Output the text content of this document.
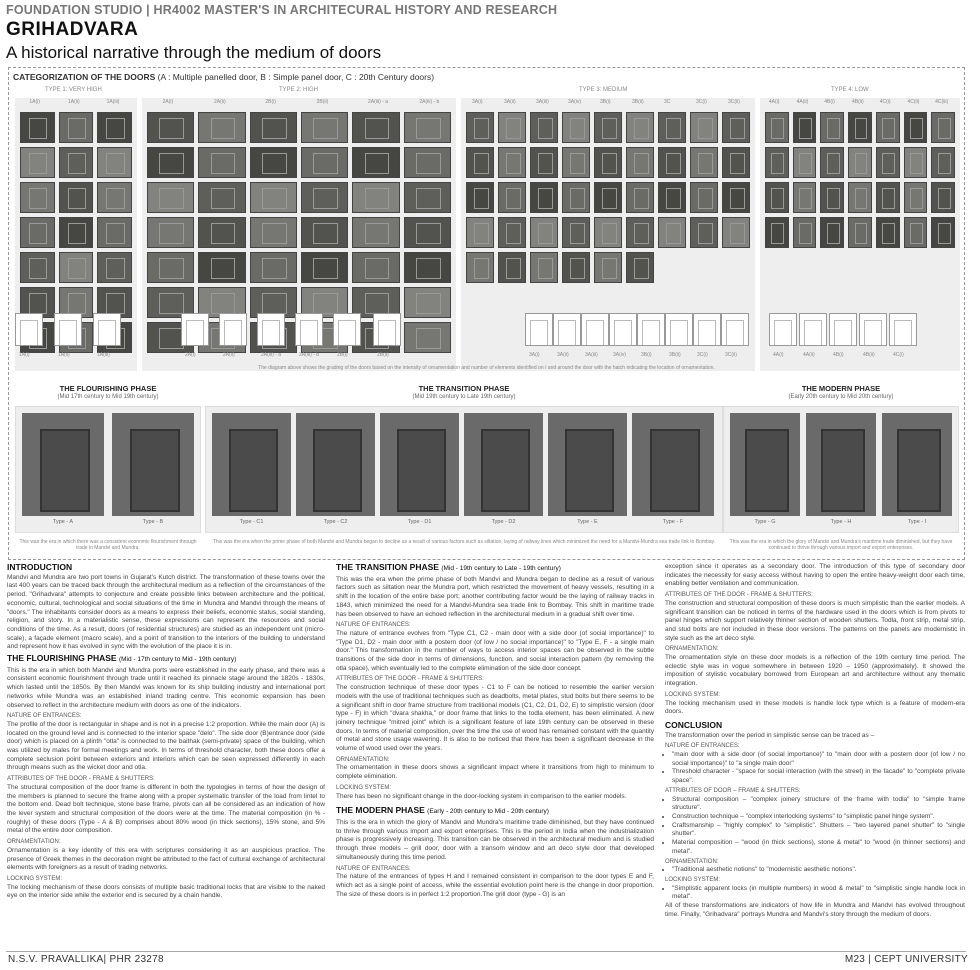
FOUNDATION STUDIO | HR4002 MASTER'S IN ARCHITECURAL HISTORY AND RESEARCH
GRIHADVARA
A historical narrative through the medium of doors
CATEGORIZATION OF THE DOORS (A : Multiple panelled door, B : Simple panel door, C : 20th Century doors)
TYPE 1: VERY HIGH	TYPE 2: HIGH	TYPE 3: MEDIUM	TYPE 4: LOW
1A(i)	1A(ii)	1A(iii)	2A(i)	2A(ii)	2B(i)	2B(ii)	2A(iii) - a	2A(iii) - b	3A(i)	3A(ii)	3A(iii)	3A(iv)	3B(i)	3B(ii)	3C	3C(i)	3C(ii)	4A(i)	4A(ii)	4B(i)	4B(ii)	4C(i)	4C(ii)	4C(iii)
1A(i)	1A(ii)	1A(iii)	2A(i)	2A(ii)	2A(iii) - a	2A(iii) - b	2B(i)	2B(ii)	3A(i)	3A(ii)	3A(iii)	3A(iv)	3B(i)	3B(ii)	3C(i)	3C(ii)	4A(i)	4A(ii)	4B(i)	4B(ii)	4C(i)
The diagram above shows the grading of the doors based on the intensity of ornamentation and number of elements identified on / and around the door with the hatch indicating the location of ornamentation.
THE FLOURISHING PHASE
(Mid 17th century to Mid 19th century)
THE TRANSITION PHASE
(Mid 19th century to Late 19th century)
THE MODERN PHASE
(Early 20th century to Mid 20th century)
Type - A	Type - B	Type - C1	Type - C2	Type - D1	Type - D2	Type - E	Type - F	Type - G	Type - H	Type - I
This was the era in which there was a consistent economic flourishment through trade in Mandvi and Mundra.
This was the era when the prime phase of both Mandvi and Mundra began to decline as a result of various factors such as siltation, laying of railway lines which minimized the need for a Mandvi-Mundra sea trade link to Bombay.	This was the era in which the glory of Mandvi and Mundra's maritime trade diminished, but they have continued to thrive through various import and export enterprises.
INTRODUCTION

Mandvi and Mundra are two port towns in Gujarat's Kutch district. The transformation of these towns over the last 400 years can be traced back through the architectural medium as a reflection of the circumstances of the period. "Grihadvara" attempts to conjecture and create possible links between architecture and the political, economic, cultural, technological and social situations of the time in Mundra and Mandvi through the means of "doors." The inhabitants consider doors as a means to express their beliefs, economic status, social standing, religion, and story. In a materialistic sense, these expressions can represent the resources and social conditions of the time. As a result, doors (of residential structures) are studied as an independent unit (micro-scale), a façade element (macro scale), and a point of transition to the interiors of the building to understand and represent how it has evolved in sync with the evolution of the place it is in.

THE FLOURISHING PHASE (Mid - 17th century to Mid - 19th century)

This is the era in which both Mandvi and Mundra ports were established in the early phase, and there was a consistent economic flourishment through trade until it reached its pinnacle stage around the 1820s - 1830s, which lasted until the 1850s. By then Mandvi was known for its ship building industry and international port networks while Mundra was an established inland trading centre. This economic expansion has been observed to reflect in the architecture medium with doors as one of the indicators.

NATURE OF ENTRANCES:

The profile of the door is rectangular in shape and is not in a precise 1:2 proportion. While the main door (A) is located on the ground level and is connected to the interior space "delo". The side door (B)entrance door (side door) which is placed on a plinth "otla" is connected to the baithak (semi-private) space of the building, which was utilized by males for formal meetings and work. In terms of threshold character, both these doors offer a complete seclusion point between exteriors and interiors which can be seen expressed differently in each through means such as the wicket door and otla.

ATTRIBUTES OF THE DOOR - FRAME & SHUTTERS:

The structural composition of the door frame is different in both the typologies in terms of how the design of the members is planned to secure the frame along with a proper systematic transfer of the load from lintel to the bottom end. Dead bolt technique, stone base frame, pivots can all be considered as an indication of how the lever system and structural composition of the doors were at the time. The material composition (in % - roughly) of these doors (Type - A & B) comprises about 80% wood (in thick sections), 15% stone, and 5% metal of the entire door composition.

ORNAMENTATION:

Ornamentation is a key identity of this era with scriptures considering it as an auspicious practice. The presence of Greek themes in the decoration might be attributed to the fact of cultural exchange of architectural elements with foreigners as a result of trading networks.

LOCKING SYSTEM:

The locking mechanism of these doors consists of multiple basic traditional locks that are visible to the naked eye on the interior side while the exterior end is secured by a chain handle.

THE TRANSITION PHASE (Mid - 19th century to Late - 19th century)

This was the era when the prime phase of both Mandvi and Mundra began to decline as a result of various factors such as siltation near the Mundra port, which restricted the movement of heavy vessels, resulting in a shift in the location of the entire base port; another contributing factor would be the laying of railway tracks in 1843, which minimized the need for a Mandvi-Mundra sea trade link to Bombay. This shift in maritime trade has been observed to have an echoed reflection in the architectural medium in a gradual shift over time.

NATURE OF ENTRANCES:

The nature of entrance evolves from "Type C1, C2 - main door with a side door (of social importance)" to "Type D1, D2 - main door with a postern door (of low / no social importance)" to "Type E, F - a single main door." This transformation in the number of ways to access interior spaces can be observed in the subtle transitions of the side door in terms of dimensions, function, and social interaction pattern (by removing the otla space), which eventually led to the complete elimination of the side door concept.

ATTRIBUTES OF THE DOOR - FRAME & SHUTTERS:

The construction technique of these door types - C1 to F can be noticed to resemble the earlier version models with the use of traditional techniques such as deadbolts, metal plates, stud bolts but there seems to be a significant shift in door frame structure from traditional models (C1, C2, D1, D2, E) to simplistic version (door type - F) in which "dvara shakha," or door frame that links to the todla element, has been eliminated. A new joinery technique "mitred joint" which is a significant feature of late 19th century can be observed in these doors. In terms of material composition, over the time the use of wood has remained constant with the quantity of metal and stone usage wavering. It is also to be noticed that there has been a significant decrease in the volume of wood used over the years.

ORNAMENTATION:

The ornamentation in these doors shows a significant impact where it transitions from high to minimum to complete elimination.

LOCKING SYSTEM:

There has been no significant change in the door-locking system in comparison to the earlier models.

THE MODERN PHASE (Early - 20th century to Mid - 20th century)

This is the era in which the glory of Mandvi and Mundra's maritime trade diminished, but they have continued to thrive through various import and export enterprises. This is the period in India when the industrialization phase is progressively increasing. This transition can be observed in the architectural medium and is studied through three models – grill door, door with a transom window and art deco style door that developed simultaneously during this time period.

NATURE OF ENTRANCES:

The nature of the entrances of types H and I remained consistent in comparison to the door types E and F, which act as a single point of access, while the essential evolution point here is the change in door proportion. The size of these doors is in perfect 1:2 proportion.The grill door (type - G) is an

exception since it operates as a secondary door. The introduction of this type of secondary door indicates the necessity for easy access without having to open the entire heavy-weight door each time, enabling better ventilation and communication.

ATTRIBUTES OF THE DOOR - FRAME & SHUTTERS:

The construction and structural composition of these doors is much simplistic than the earlier models. A significant transition can be noticed in terms of the hardware used in the doors which is from pivots to panel hinges which support relatively thinner section of wooden shutters. Todla, front strip, metal strip, and stud bolts are not included in these door versions. The patterns on the panels are modernistic in style such as the art deco style.

ORNAMENTATION:

The ornamentation style on these door models is a reflection of the 19th century time period. The eclectic style was in vogue somewhere in between 1920 – 1950 (approximately). It showed the imposition of stylistic vocabulary borrowed from European art and architecture without any thematic integration.

LOCKING SYSTEM:

The locking mechanism used in these models is handle lock type which is a feature of modern-era doors.

CONCLUSION

The transformation over the period in simplistic sense can be traced as –

NATURE OF ENTRANCES:
• "main door with a side door (of social importance)" to "main door with a postern door (of low / no social importance)" to "a single main door"
• Threshold character - "space for social interaction (with the street) in the facade" to "complete private space".
ATTRIBUTES OF DOOR – FRAME & SHUTTERS:
• Structural composition – "complex joinery structure of the frame with todla" to "simple frame structure".
• Construction technique – "complex interlocking systems" to "simplistic panel hinge system".
• Craftsmanship – "highly complex" to "simplistic". Shutters – "two layered panel shutter" to "single shutter".
• Material composition – "wood (in thick sections), stone & metal" to "wood (in thinner sections) and metal".
ORNAMENTATION:
• "Traditional aesthetic notions" to "modernistic aesthetic notions".
LOCKING SYSTEM:
• "Simplistic apparent locks (in multiple numbers) in wood & metal" to "simplistic single handle lock in metal".

All of these transformations are indicators of how life in Mundra and Mandvi has evolved throughout time. Finally, "Grihadvara" portrays Mundra and Mandvi's story through the medium of doors.

N.S.V. PRAVALLIKA| PHR 23278	M23 | CEPT UNIVERSITY
